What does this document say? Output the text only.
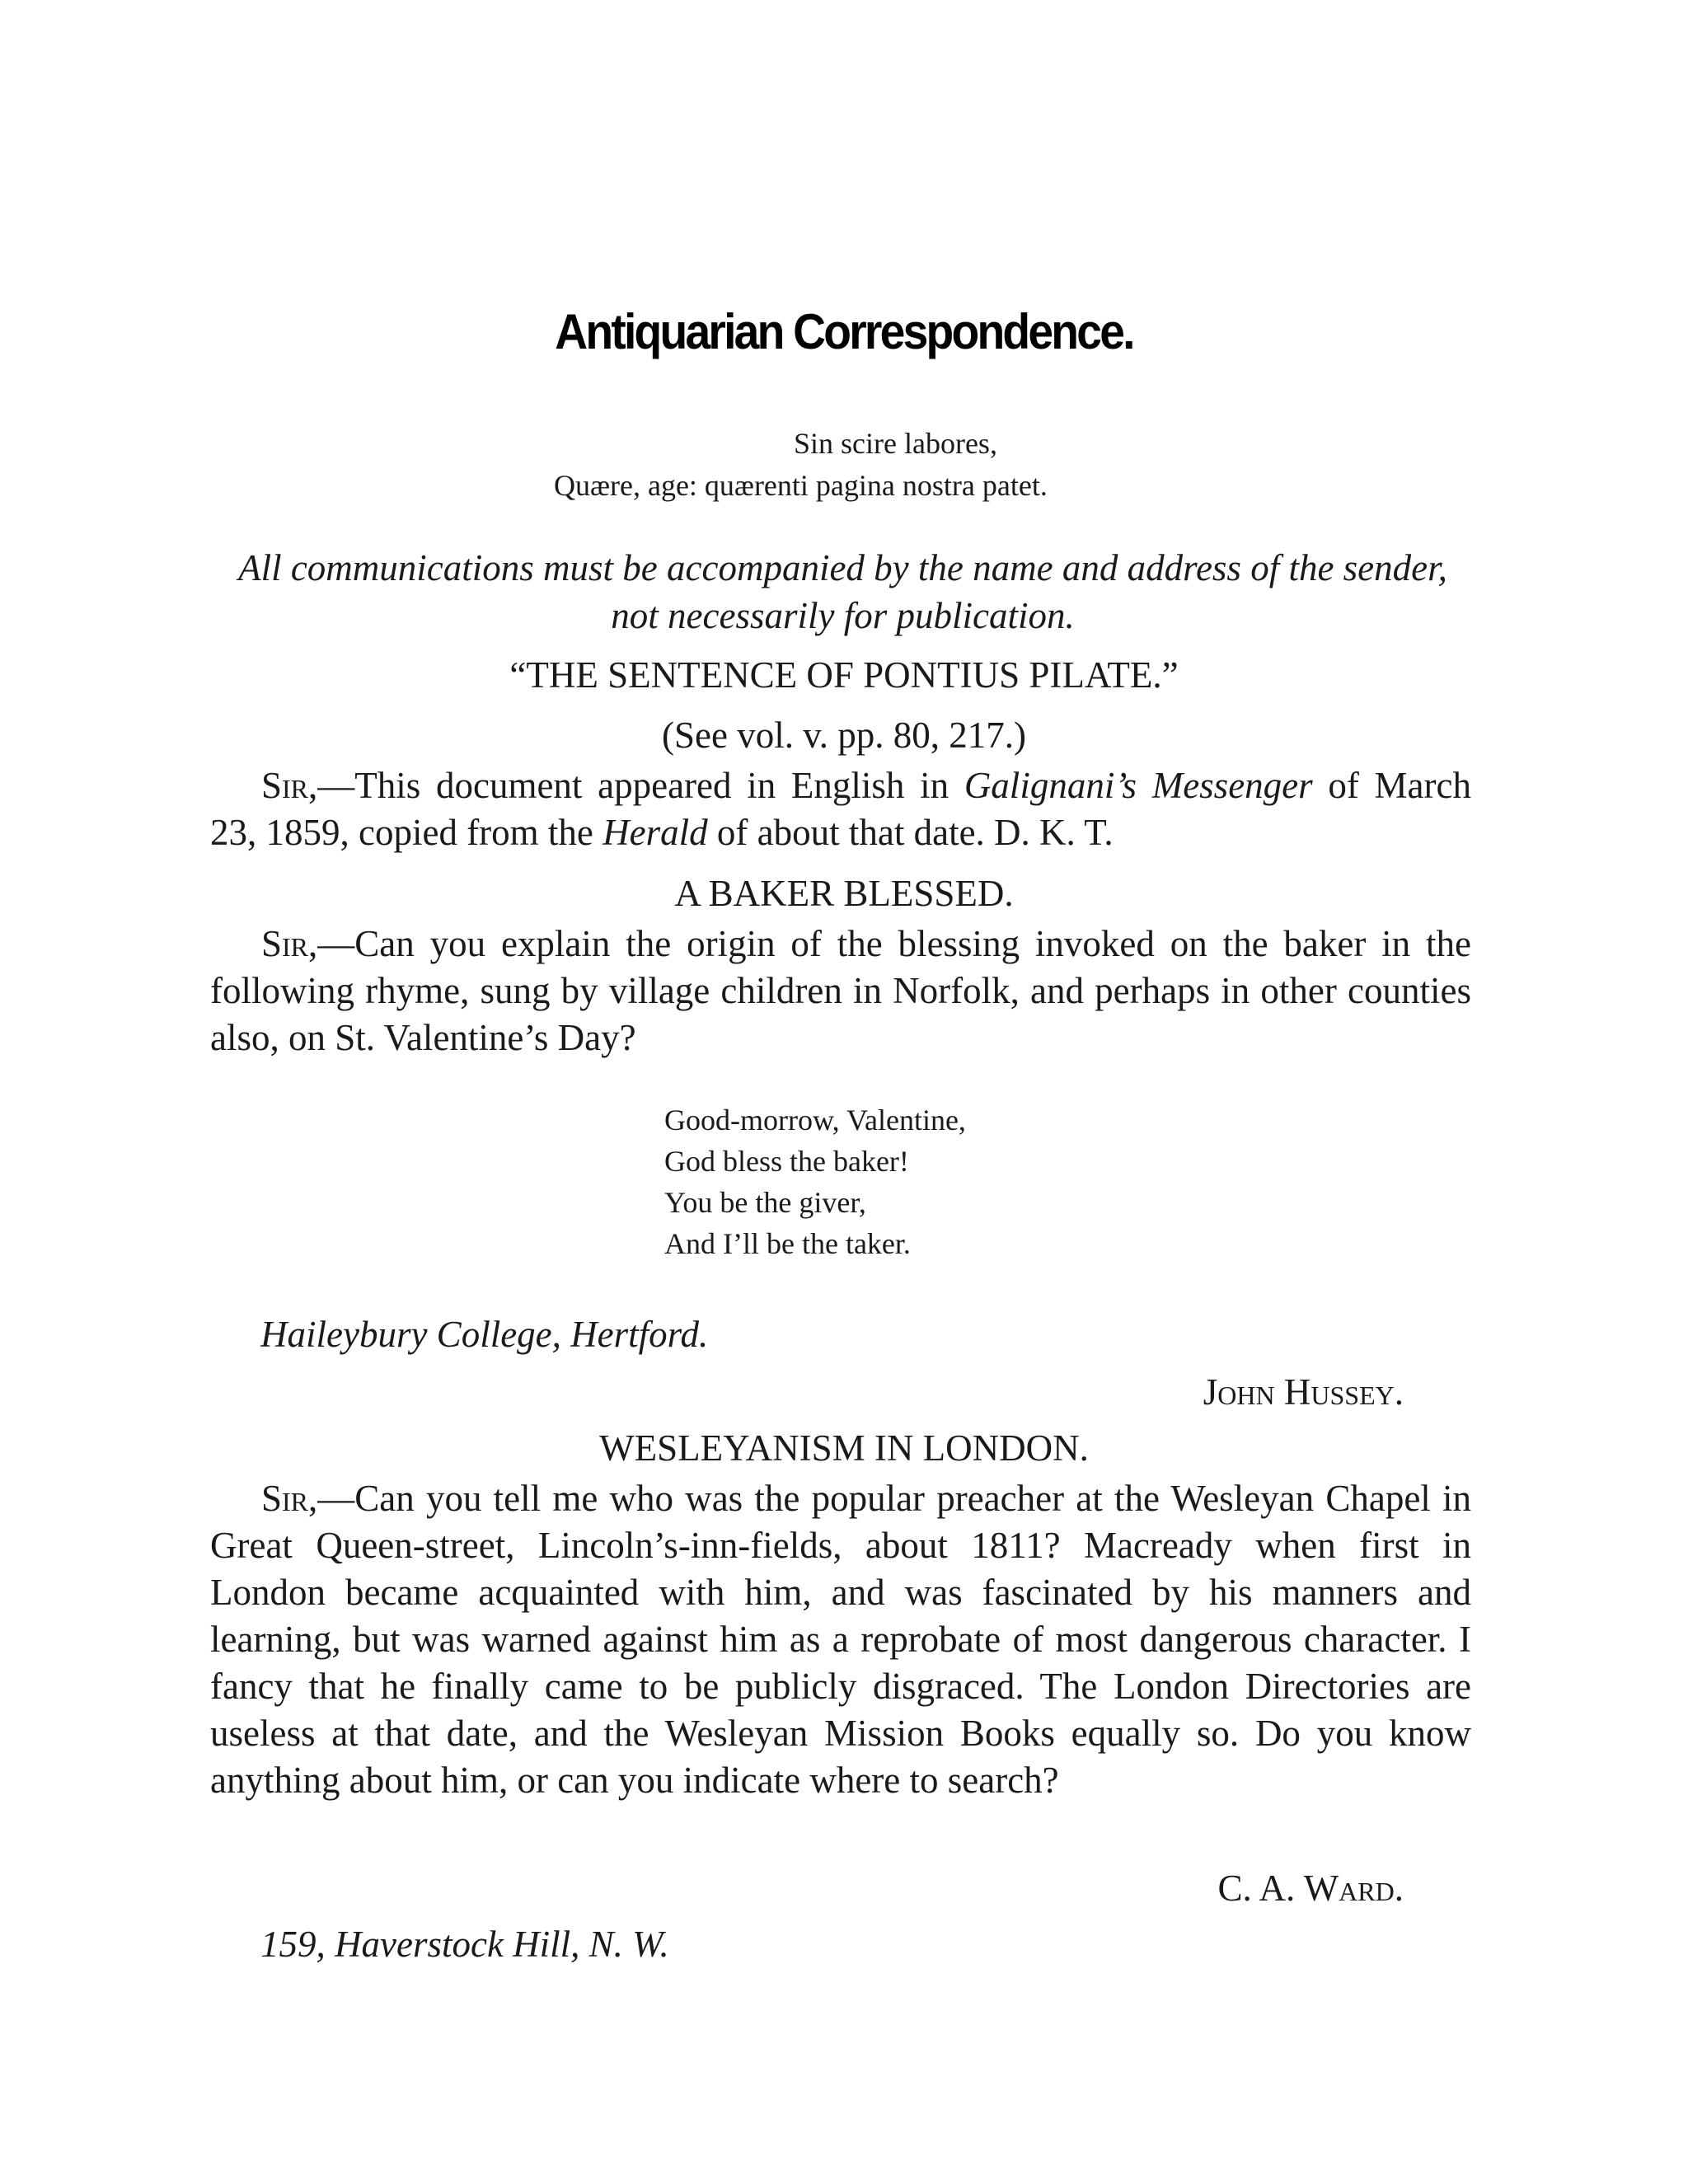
Antiquarian Correspondence.
Sin scire labores,
Quære, age: quærenti pagina nostra patet.
All communications must be accompanied by the name and address of the sender, not necessarily for publication.
“THE SENTENCE OF PONTIUS PILATE.”
(See vol. v. pp. 80, 217.)
Sir,—This document appeared in English in Galignani’s Messenger of March 23, 1859, copied from the Herald of about that date. D. K. T.
A BAKER BLESSED.
Sir,—Can you explain the origin of the blessing invoked on the baker in the following rhyme, sung by village children in Norfolk, and perhaps in other counties also, on St. Valentine’s Day?
Good-morrow, Valentine,
God bless the baker!
You be the giver,
And I’ll be the taker.
Haileybury College, Hertford.
John Hussey.
WESLEYANISM IN LONDON.
Sir,—Can you tell me who was the popular preacher at the Wesleyan Chapel in Great Queen-street, Lincoln’s-inn-fields, about 1811? Macready when first in London became acquainted with him, and was fascinated by his manners and learning, but was warned against him as a reprobate of most dangerous character. I fancy that he finally came to be publicly disgraced. The London Directories are useless at that date, and the Wesleyan Mission Books equally so. Do you know anything about him, or can you indicate where to search?
C. A. Ward.
159, Haverstock Hill, N. W.
